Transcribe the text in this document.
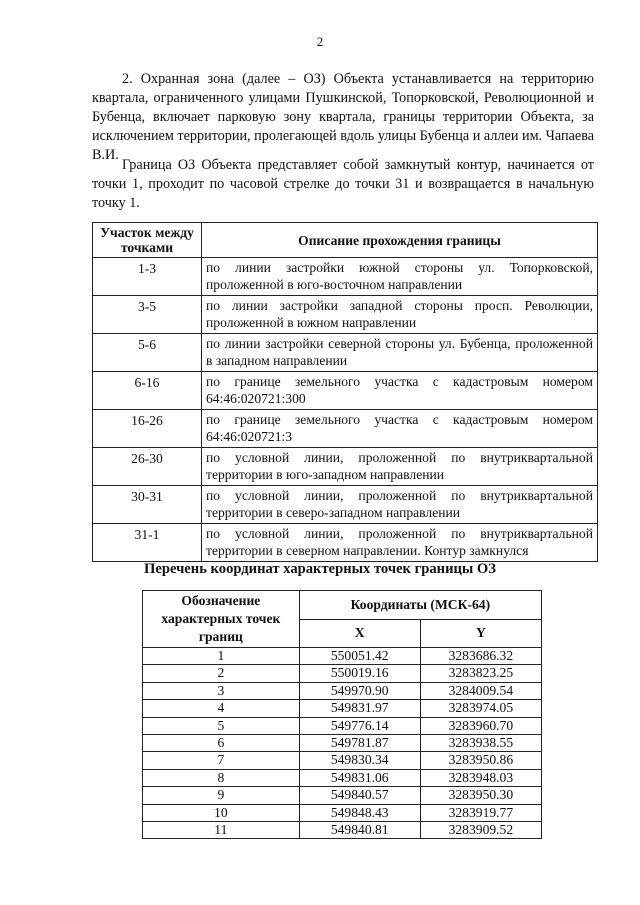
2
2. Охранная зона (далее – ОЗ) Объекта устанавливается на территорию квартала, ограниченного улицами Пушкинской, Топорковской, Революционной и Бубенца, включает парковую зону квартала, границы территории Объекта, за исключением территории, пролегающей вдоль улицы Бубенца и аллеи им. Чапаева В.И.
Граница ОЗ Объекта представляет собой замкнутый контур, начинается от точки 1, проходит по часовой стрелке до точки 31 и возвращается в начальную точку 1.
Участок между точками	Описание прохождения границы
1-3	по линии застройки южной стороны ул. Топорковской, проложенной в юго-восточном направлении
3-5	по линии застройки западной стороны просп. Революции, проложенной в южном направлении
5-6	по линии застройки северной стороны ул. Бубенца, проложенной в западном направлении
6-16	по границе земельного участка с кадастровым номером 64:46:020721:300
16-26	по границе земельного участка с кадастровым номером 64:46:020721:3
26-30	по условной линии, проложенной по внутриквартальной территории в юго-западном направлении
30-31	по условной линии, проложенной по внутриквартальной территории в северо-западном направлении
31-1	по условной линии, проложенной по внутриквартальной территории в северном направлении. Контур замкнулся
Перечень координат характерных точек границы ОЗ
Обозначение характерных точек границ	Координаты (МСК-64)	
	X	Y
1	550051.42	3283686.32
2	550019.16	3283823.25
3	549970.90	3284009.54
4	549831.97	3283974.05
5	549776.14	3283960.70
6	549781.87	3283938.55
7	549830.34	3283950.86
8	549831.06	3283948.03
9	549840.57	3283950.30
10	549848.43	3283919.77
11	549840.81	3283909.52
